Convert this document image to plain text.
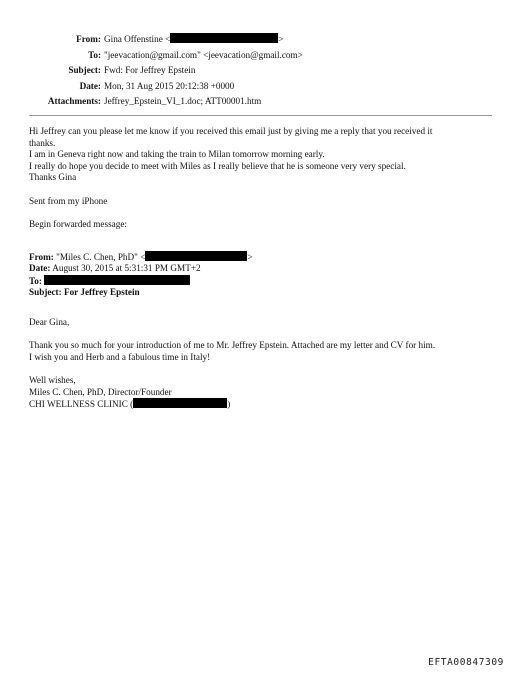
From: Gina Offenstine <	>
To: "jeevacation@gmail.com" <jeevacation@gmail.com>
Subject: Fwd: For Jeffrey Epstein
Date: Mon, 31 Aug 2015 20:12:38 +0000
Attachments: Jeffrey_Epstein_VI_1.doc; ATT00001.htm

Hi Jeffrey can you please let me know if you received this email just by giving me a reply that you received it

thanks.

I am in Geneva right now and taking the train to Milan tomorrow morning early.

I really do hope you decide to meet with Miles as I really believe that he is someone very very special.

Thanks Gina

Sent from my iPhone

Begin forwarded message:

From: "Miles C. Chen, PhD" <	>
Date: August 30, 2015 at 5:31:31 PM GMT+2
To:
Subject: For Jeffrey Epstein

Dear Gina,

Thank you so much for your introduction of me to Mr. Jeffrey Epstein. Attached are my letter and CV for him.

I wish you and Herb and a fabulous time in Italy!

Well wishes,

Miles C. Chen, PhD, Director/Founder

CHI WELLNESS CLINIC (	)

EFTA00847309
